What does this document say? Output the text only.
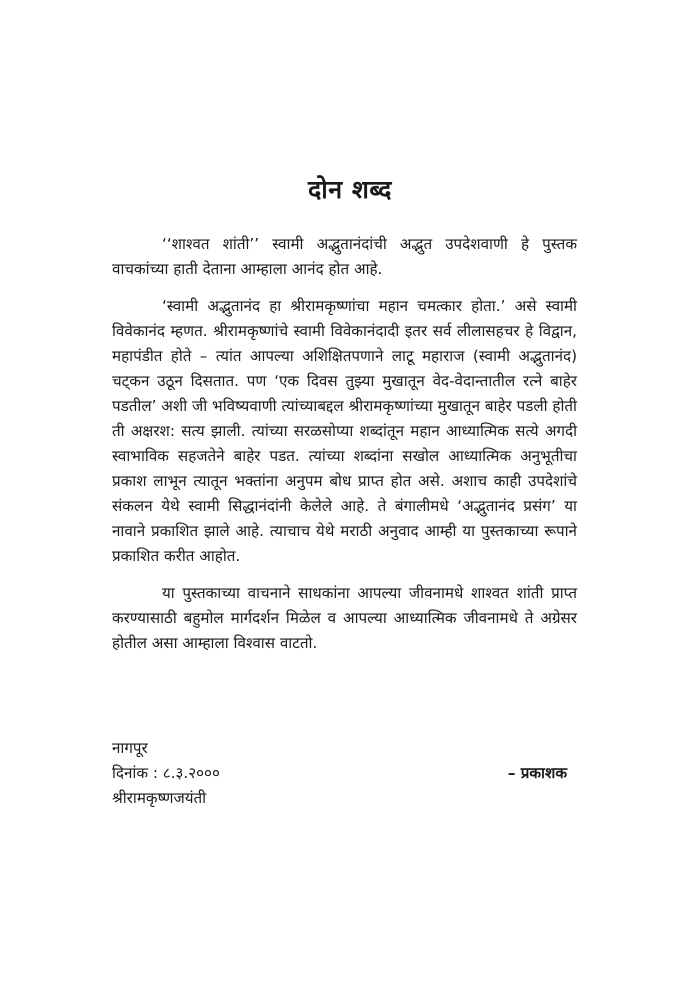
दोन शब्द

‘‘शाश्वत शांती’’ स्वामी अद्भुतानंदांची अद्भुत उपदेशवाणी हे पुस्तक वाचकांच्या हाती देताना आम्हाला आनंद होत आहे.

‘स्वामी अद्भुतानंद हा श्रीरामकृष्णांचा महान चमत्कार होता.’ असे स्वामी विवेकानंद म्हणत. श्रीरामकृष्णांचे स्वामी विवेकानंदादी इतर सर्व लीलासहचर हे विद्वान, महापंडीत होते – त्यांत आपल्या अशिक्षितपणाने लाटू महाराज (स्वामी अद्भुतानंद) चट्कन उठून दिसतात. पण ‘एक दिवस तुझ्या मुखातून वेद-वेदान्तातील रत्ने बाहेर पडतील’ अशी जी भविष्यवाणी त्यांच्याबद्दल श्रीरामकृष्णांच्या मुखातून बाहेर पडली होती ती अक्षरश: सत्य झाली. त्यांच्या सरळसोप्या शब्दांतून महान आध्यात्मिक सत्ये अगदी स्वाभाविक सहजतेने बाहेर पडत. त्यांच्या शब्दांना सखोल आध्यात्मिक अनुभूतीचा प्रकाश लाभून त्यातून भक्तांना अनुपम बोध प्राप्त होत असे. अशाच काही उपदेशांचे संकलन येथे स्वामी सिद्धानंदांनी केलेले आहे. ते बंगालीमधे ‘अद्भुतानंद प्रसंग’ या नावाने प्रकाशित झाले आहे. त्याचाच येथे मराठी अनुवाद आम्ही या पुस्तकाच्या रूपाने प्रकाशित करीत आहोत.

या पुस्तकाच्या वाचनाने साधकांना आपल्या जीवनामधे शाश्वत शांती प्राप्त करण्यासाठी बहुमोल मार्गदर्शन मिळेल व आपल्या आध्यात्मिक जीवनामधे ते अग्रेसर होतील असा आम्हाला विश्वास वाटतो.

नागपूर
दिनांक : ८.३.२०००	– प्रकाशक
श्रीरामकृष्णजयंती
